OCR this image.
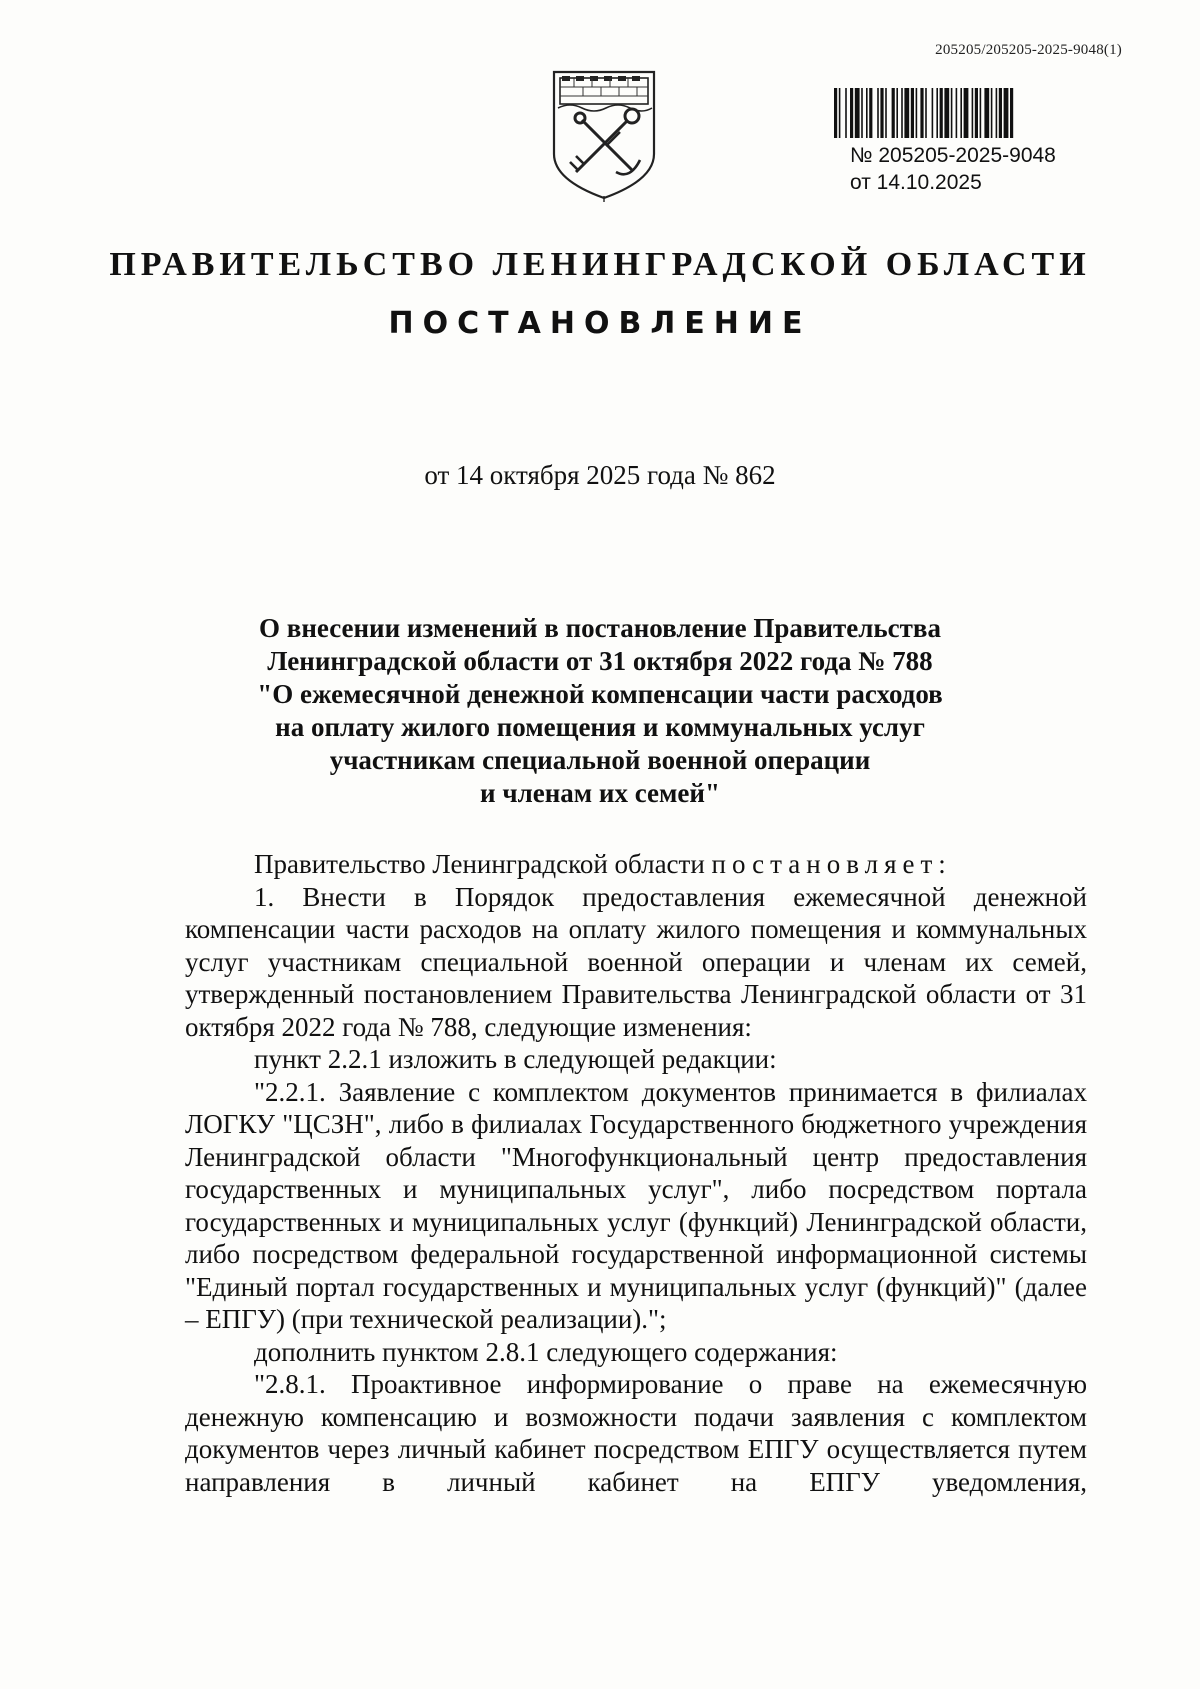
205205/205205-2025-9048(1)
№ 205205-2025-9048
от 14.10.2025
ПРАВИТЕЛЬСТВО ЛЕНИНГРАДСКОЙ ОБЛАСТИ
ПОСТАНОВЛЕНИЕ
от 14 октября 2025 года № 862
О внесении изменений в постановление Правительства
Ленинградской области от 31 октября 2022 года № 788
"О ежемесячной денежной компенсации части расходов
на оплату жилого помещения и коммунальных услуг
участникам специальной военной операции
и членам их семей"

Правительство Ленинградской области постановляет:

1. Внести в Порядок предоставления ежемесячной денежной компенсации части расходов на оплату жилого помещения и коммунальных услуг участникам специальной военной операции и членам их семей, утвержденный постановлением Правительства Ленинградской области от 31 октября 2022 года № 788, следующие изменения:

пункт 2.2.1 изложить в следующей редакции:

"2.2.1. Заявление с комплектом документов принимается в филиалах ЛОГКУ "ЦСЗН", либо в филиалах Государственного бюджетного учреждения Ленинградской области "Многофункциональный центр предоставления государственных и муниципальных услуг", либо посредством портала государственных и муниципальных услуг (функций) Ленинградской области, либо посредством федеральной государственной информационной системы "Единый портал государственных и муниципальных услуг (функций)" (далее – ЕПГУ) (при технической реализации).";

дополнить пунктом 2.8.1 следующего содержания:

"2.8.1. Проактивное информирование о праве на ежемесячную денежную компенсацию и возможности подачи заявления с комплектом документов через личный кабинет посредством ЕПГУ осуществляется путем направления в личный кабинет на ЕПГУ уведомления,
